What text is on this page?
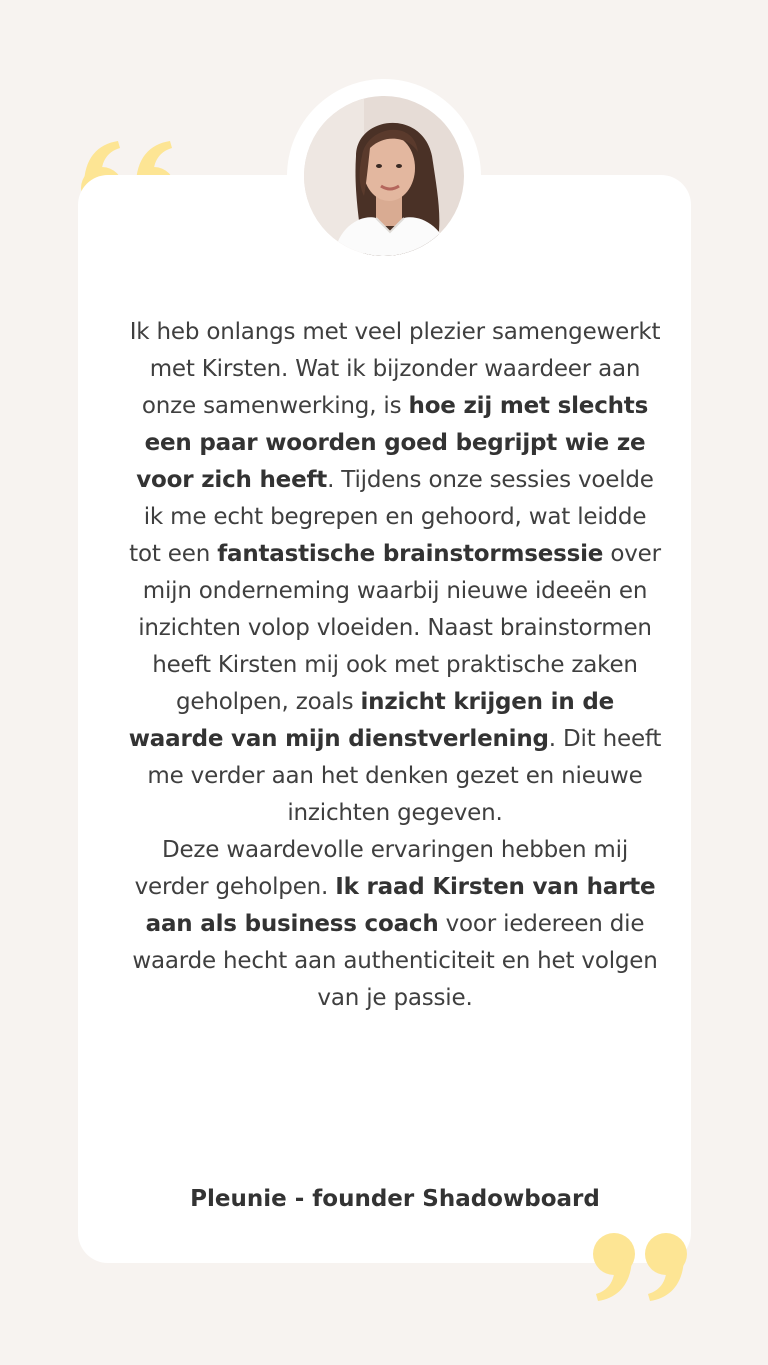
Ik heb onlangs met veel plezier samengewerkt met Kirsten. Wat ik bijzonder waardeer aan onze samenwerking, is hoe zij met slechts een paar woorden goed begrijpt wie ze voor zich heeft. Tijdens onze sessies voelde ik me echt begrepen en gehoord, wat leidde tot een fantastische brainstormsessie over mijn onderneming waarbij nieuwe ideeën en inzichten volop vloeiden. Naast brainstormen heeft Kirsten mij ook met praktische zaken geholpen, zoals inzicht krijgen in de waarde van mijn dienstverlening. Dit heeft me verder aan het denken gezet en nieuwe inzichten gegeven.
Deze waardevolle ervaringen hebben mij verder geholpen. Ik raad Kirsten van harte aan als business coach voor iedereen die waarde hecht aan authenticiteit en het volgen van je passie.

Pleunie - founder Shadowboard
